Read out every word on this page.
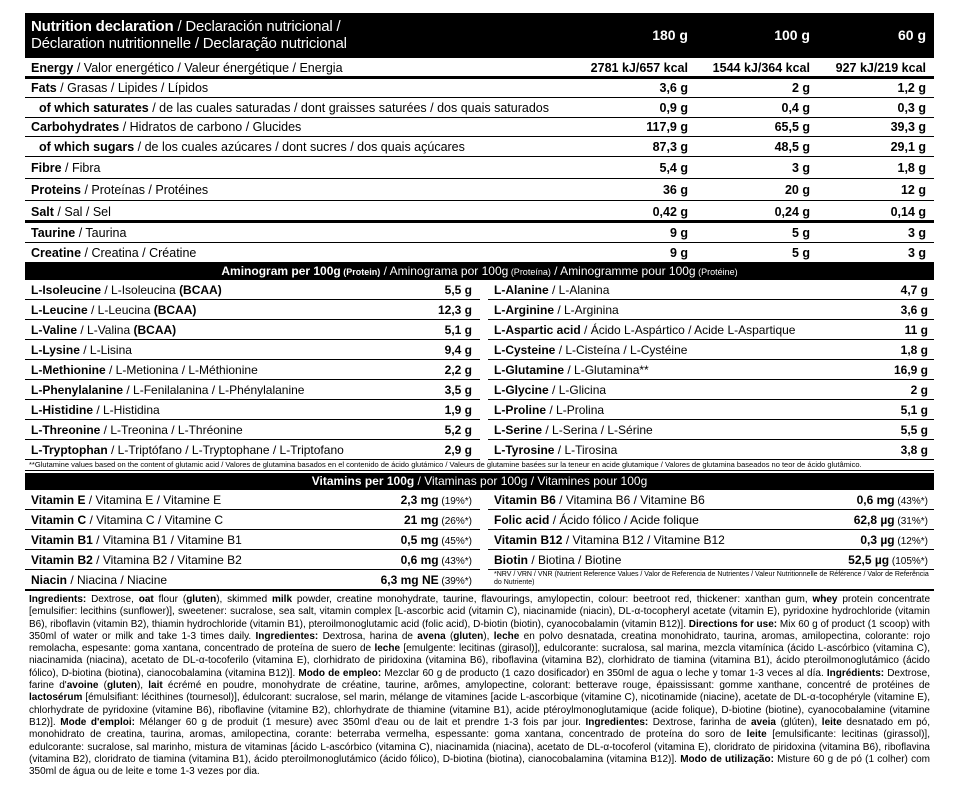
Nutrition declaration / Declaración nutricional /
Déclaration nutritionnelle / Declaração nutricional	180 g	100 g	60 g
Energy / Valor energético / Valeur énergétique / Energia	2781 kJ/657 kcal 1544 kJ/364 kcal 927 kJ/219 kcal
Fats / Grasas / Lipides / Lípidos	3,6 g	2 g	1,2 g
of which saturates / de las cuales saturadas / dont graisses saturées / dos quais saturados	0,9 g	0,4 g	0,3 g
Carbohydrates / Hidratos de carbono / Glucides	117,9 g	65,5 g	39,3 g
of which sugars / de los cuales azúcares / dont sucres / dos quais açúcares	87,3 g	48,5 g	29,1 g
Fibre / Fibra	5,4 g	3 g	1,8 g
Proteins / Proteínas / Protéines	36 g	20 g	12 g
Salt / Sal / Sel	0,42 g	0,24 g	0,14 g
Taurine / Taurina	9 g	5 g	3 g
Creatine / Creatina / Créatine	9 g	5 g	3 g
Aminogram per 100g (Protein) / Aminograma por 100g (Proteína) / Aminogramme pour 100g (Protéine)
L-Isoleucine / L-Isoleucina (BCAA)	5,5 g L-Alanine / L-Alanina	4,7 g
L-Leucine / L-Leucina (BCAA)	12,3 g L-Arginine / L-Arginina	3,6 g
L-Valine / L-Valina (BCAA)	5,1 g L-Aspartic acid / Ácido L-Aspártico / Acide L-Aspartique	11 g
L-Lysine / L-Lisina	9,4 g L-Cysteine / L-Cisteína / L-Cystéine	1,8 g
L-Methionine / L-Metionina / L-Méthionine	2,2 g L-Glutamine / L-Glutamina**	16,9 g
L-Phenylalanine / L-Fenilalanina / L-Phénylalanine	3,5 g L-Glycine / L-Glicina	2 g
L-Histidine / L-Histidina	1,9 g L-Proline / L-Prolina	5,1 g
L-Threonine / L-Treonina / L-Thréonine	5,2 g L-Serine / L-Serina / L-Sérine	5,5 g
L-Tryptophan / L-Triptófano / L-Tryptophane / L-Triptofano	2,9 g L-Tyrosine / L-Tirosina	3,8 g
**Glutamine values based on the content of glutamic acid / Valores de glutamina basados en el contenido de ácido glutámico / Valeurs de glutamine basées sur la teneur en acide glutamique / Valores de glutamina baseados no teor de ácido glutâmico.
Vitamins per 100g / Vitaminas por 100g / Vitamines pour 100g
Vitamin E / Vitamina E / Vitamine E	2,3 mg (19%*) Vitamin B6 / Vitamina B6 / Vitamine B6	0,6 mg (43%*)
Vitamin C / Vitamina C / Vitamine C	21 mg (26%*) Folic acid / Ácido fólico / Acide folique	62,8 µg (31%*)
Vitamin B1 / Vitamina B1 / Vitamine B1	0,5 mg (45%*) Vitamin B12 / Vitamina B12 / Vitamine B12	0,3 µg (12%*)
Vitamin B2 / Vitamina B2 / Vitamine B2	0,6 mg (43%*) Biotin / Biotina / Biotine	52,5 µg (105%*)
Niacin / Niacina / Niacine	6,3 mg NE (39%*)
*NRV / VRN / VNR (Nutrient Reference Values / Valor de Referencia de Nutrientes / Valeur Nutritionnelle de Référence / Valor de Referência do Nutriente)
Ingredients: Dextrose, oat flour (gluten), skimmed milk powder, creatine monohydrate, taurine, flavourings, amylopectin, colour: beetroot red, thickener: xanthan gum, whey protein concentrate [emulsifier: lecithins (sunflower)], sweetener: sucralose, sea salt, vitamin complex [L-ascorbic acid (vitamin C), niacinamide (niacin), DL-α-tocopheryl acetate (vitamin E), pyridoxine hydrochloride (vitamin B6), riboflavin (vitamin B2), thiamin hydrochloride (vitamin B1), pteroilmonoglutamic acid (folic acid), D-biotin (biotin), cyanocobalamin (vitamin B12)]. Directions for use: Mix 60 g of product (1 scoop) with 350ml of water or milk and take 1-3 times daily. Ingredientes: Dextrosa, harina de avena (gluten), leche en polvo desnatada, creatina monohidrato, taurina, aromas, amilopectina, colorante: rojo remolacha, espesante: goma xantana, concentrado de proteína de suero de leche [emulgente: lecitinas (girasol)], edulcorante: sucralosa, sal marina, mezcla vitamínica (ácido L-ascórbico (vitamina C), niacinamida (niacina), acetato de DL-α-tocoferilo (vitamina E), clorhidrato de piridoxina (vitamina B6), riboflavina (vitamina B2), clorhidrato de tiamina (vitamina B1), ácido pteroilmonoglutámico (ácido fólico), D-biotina (biotina), cianocobalamina (vitamina B12)]. Modo de empleo: Mezclar 60 g de producto (1 cazo dosificador) en 350ml de agua o leche y tomar 1-3 veces al día. Ingrédients: Dextrose, farine d'avoine (gluten), lait écrémé en poudre, monohydrate de créatine, taurine, arômes, amylopectine, colorant: betterave rouge, épaississant: gomme xanthane, concentré de protéines de lactosérum [émulsifiant: lécithines (tournesol)], édulcorant: sucralose, sel marin, mélange de vitamines [acide L-ascorbique (vitamine C), nicotinamide (niacine), acetate de DL-α-tocophéryle (vitamine E), chlorhydrate de pyridoxine (vitamine B6), riboflavine (vitamine B2), chlorhydrate de thiamine (vitamine B1), acide ptéroylmonoglutamique (acide folique), D-biotine (biotine), cyanocobalamine (vitamine B12)]. Mode d'emploi: Mélanger 60 g de produit (1 mesure) avec 350ml d'eau ou de lait et prendre 1-3 fois par jour. Ingredientes: Dextrose, farinha de aveia (glúten), leite desnatado em pó, monohidrato de creatina, taurina, aromas, amilopectina, corante: beterraba vermelha, espessante: goma xantana, concentrado de proteína do soro de leite [emulsificante: lecitinas (girassol)], edulcorante: sucralose, sal marinho, mistura de vitaminas [ácido L-ascórbico (vitamina C), niacinamida (niacina), acetato de DL-α-tocoferol (vitamina E), cloridrato de piridoxina (vitamina B6), riboflavina (vitamina B2), cloridrato de tiamina (vitamina B1), ácido pteroilmonoglutámico (ácido fólico), D-biotina (biotina), cianocobalamina (vitamina B12)]. Modo de utilização: Misture 60 g de pó (1 colher) com 350ml de água ou de leite e tome 1-3 vezes por dia.
